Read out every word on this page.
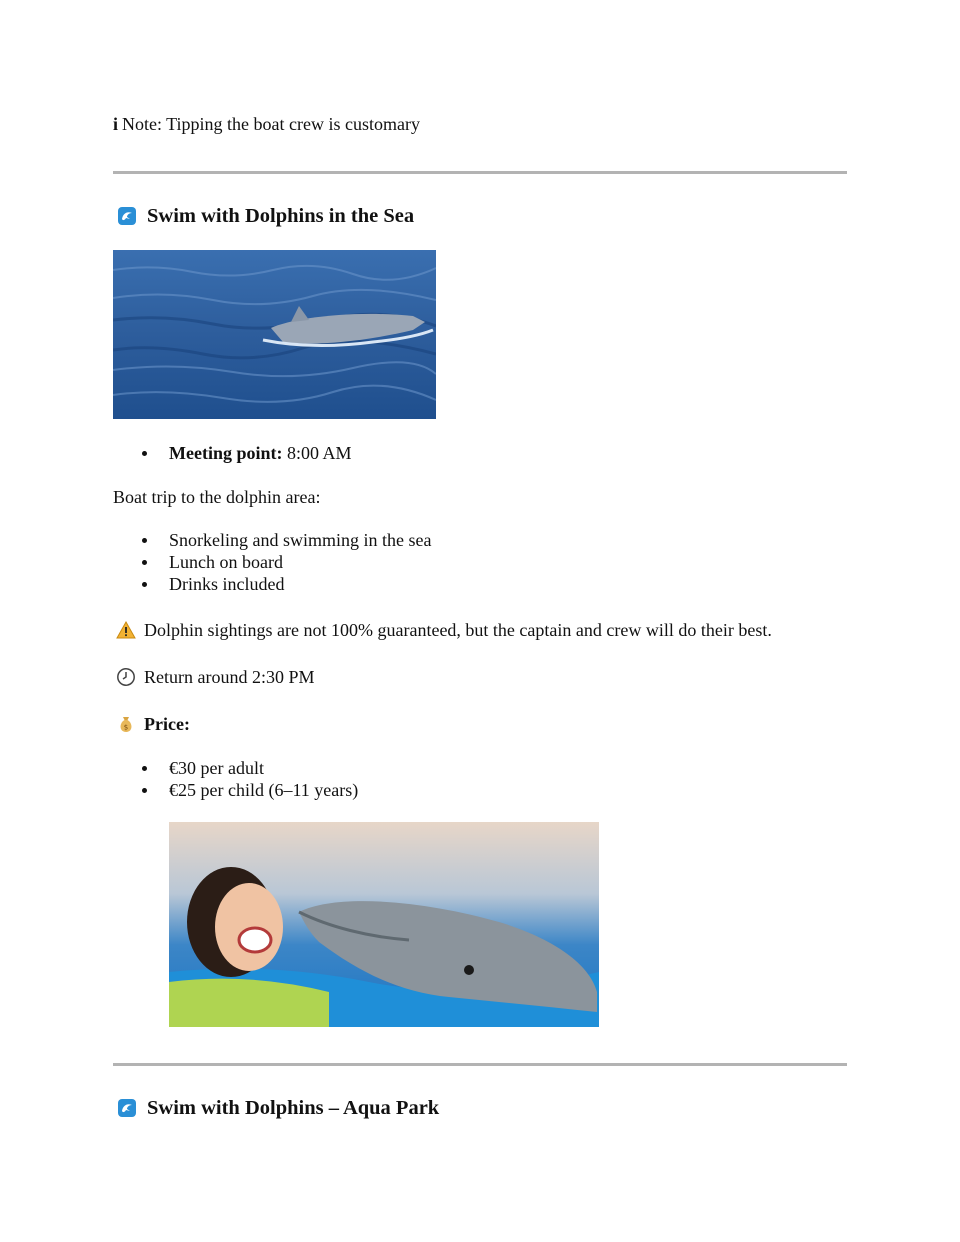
i Note: Tipping the boat crew is customary
Swim with Dolphins in the Sea
Meeting point: 8:00 AM
Boat trip to the dolphin area:
Snorkeling and swimming in the sea
Lunch on board
Drinks included
Dolphin sightings are not 100% guaranteed, but the captain and crew will do their best.
Return around 2:30 PM
$ Price:
€30 per adult
€25 per child (6–11 years)
Swim with Dolphins – Aqua Park
